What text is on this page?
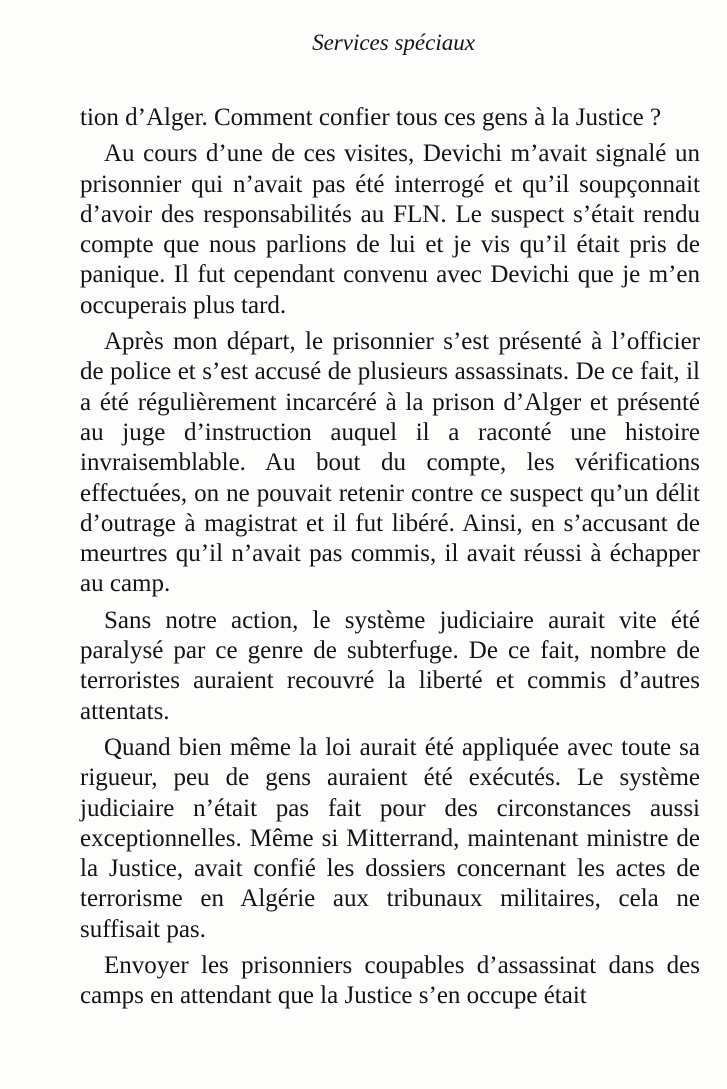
Services spéciaux

tion d’Alger. Comment confier tous ces gens à la Justice ?

Au cours d’une de ces visites, Devichi m’avait signalé un prisonnier qui n’avait pas été interrogé et qu’il soupçonnait d’avoir des responsabilités au FLN. Le suspect s’était rendu compte que nous parlions de lui et je vis qu’il était pris de panique. Il fut cependant convenu avec Devichi que je m’en occuperais plus tard.

Après mon départ, le prisonnier s’est présenté à l’officier de police et s’est accusé de plusieurs assassinats. De ce fait, il a été régulièrement incarcéré à la prison d’Alger et présenté au juge d’instruction auquel il a raconté une histoire invraisemblable. Au bout du compte, les vérifications effectuées, on ne pouvait retenir contre ce suspect qu’un délit d’outrage à magistrat et il fut libéré. Ainsi, en s’accusant de meurtres qu’il n’avait pas commis, il avait réussi à échapper au camp.

Sans notre action, le système judiciaire aurait vite été paralysé par ce genre de subterfuge. De ce fait, nombre de terroristes auraient recouvré la liberté et commis d’autres attentats.

Quand bien même la loi aurait été appliquée avec toute sa rigueur, peu de gens auraient été exécutés. Le système judiciaire n’était pas fait pour des circonstances aussi exceptionnelles. Même si Mitterrand, maintenant ministre de la Justice, avait confié les dossiers concernant les actes de terrorisme en Algérie aux tribunaux militaires, cela ne suffisait pas.

Envoyer les prisonniers coupables d’assassinat dans des camps en attendant que la Justice s’en occupe était
